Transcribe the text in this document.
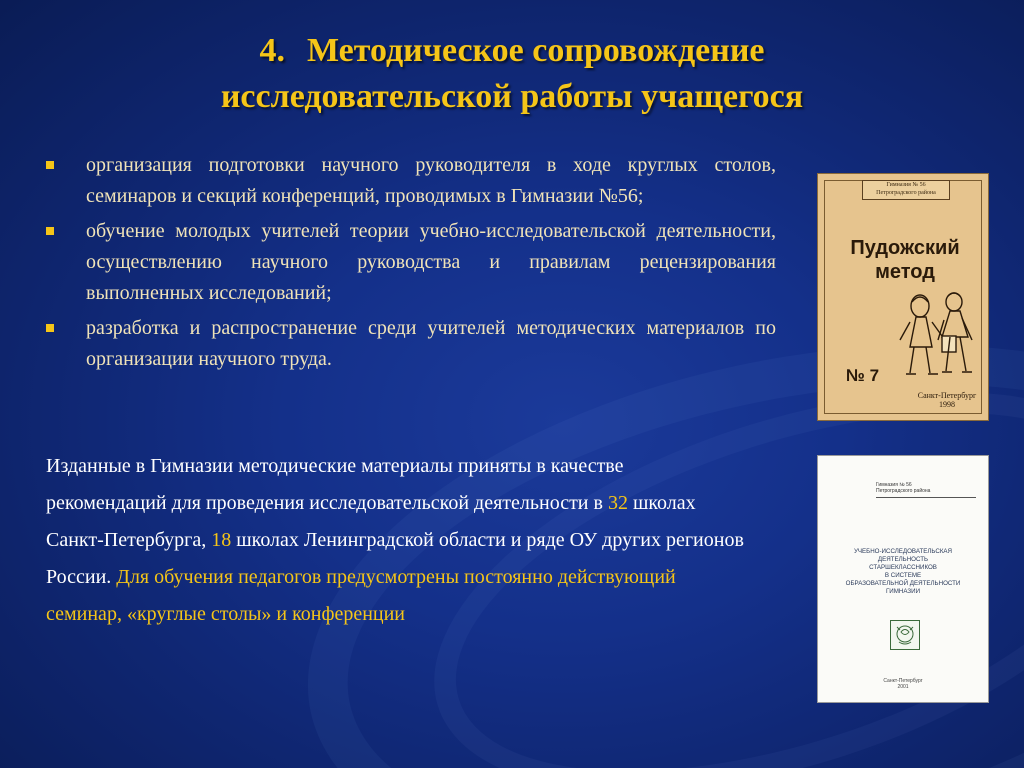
4. Методическое сопровождение
исследовательской работы учащегося
организация подготовки научного руководителя в ходе круглых столов, семинаров и секций конференций, проводимых в Гимназии №56;
обучение молодых учителей теории учебно-исследовательской деятельности, осуществлению научного руководства и правилам рецензирования выполненных исследований;
разработка и распространение среди учителей методических материалов по организации научного труда.
Изданные в Гимназии методические материалы приняты в качестве рекомендаций для проведения исследовательской деятельности в 32 школах Санкт-Петербурга, 18 школах Ленинградской области и ряде ОУ других регионов России. Для обучения педагогов предусмотрены постоянно действующий семинар, «круглые столы» и конференции
Гимназия № 56
Петроградского района
Пудожский
метод
№ 7
Санкт-Петербург
1998
Гимназия № 56
Петроградского района
УЧЕБНО-ИССЛЕДОВАТЕЛЬСКАЯ
ДЕЯТЕЛЬНОСТЬ
СТАРШЕКЛАССНИКОВ
В СИСТЕМЕ
ОБРАЗОВАТЕЛЬНОЙ ДЕЯТЕЛЬНОСТИ
ГИМНАЗИИ
Санкт-Петербург
2001
